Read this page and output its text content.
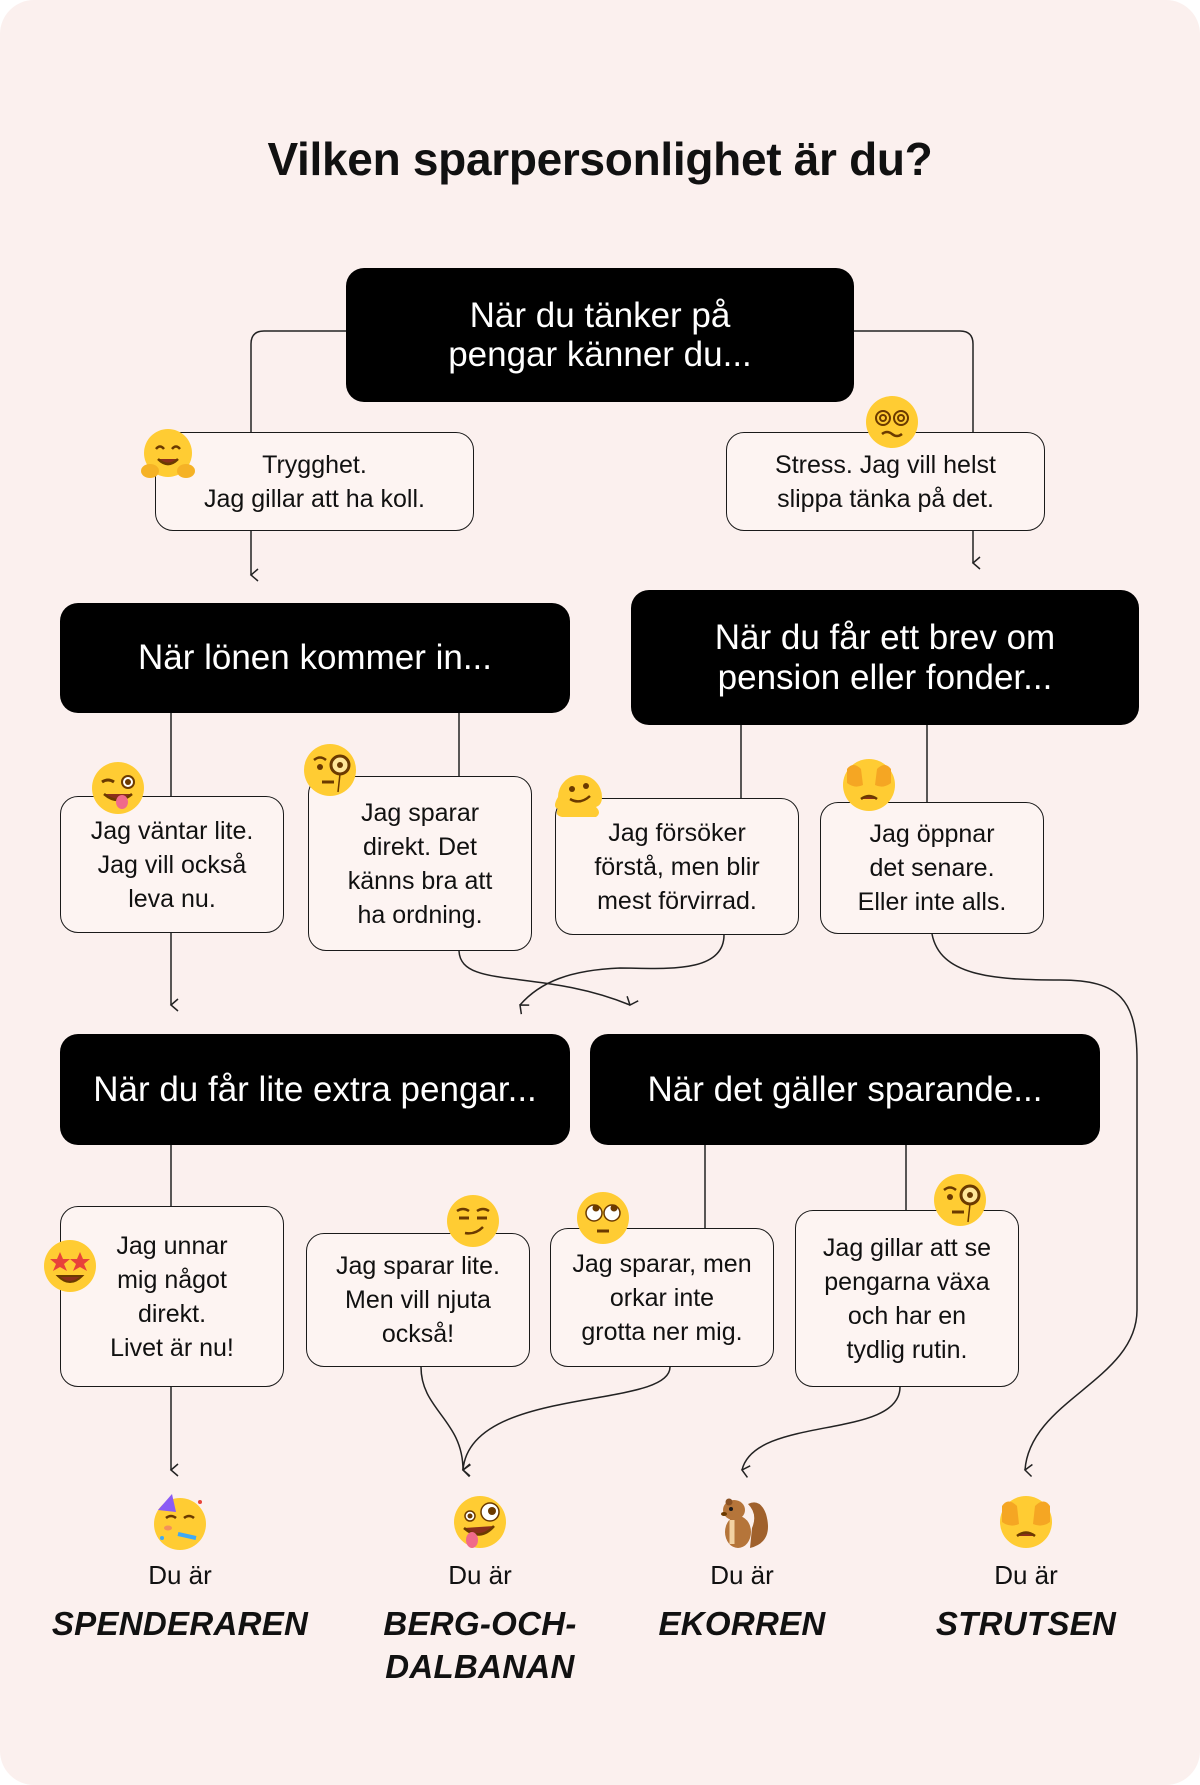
Vilken sparpersonlighet är du?
När du tänker på
pengar känner du...
När lönen kommer in...
När du får ett brev om
pension eller fonder...
När du får lite extra pengar...	När det gäller sparande...
Trygghet.
Jag gillar att ha koll.
Stress. Jag vill helst
slippa tänka på det.
Jag väntar lite.
Jag vill också
leva nu.
Jag sparar
direkt. Det
känns bra att
ha ordning.
Jag försöker
förstå, men blir
mest förvirrad.
Jag öppnar
det senare.
Eller inte alls.
Jag unnar
mig något
direkt.
Livet är nu!
Jag sparar lite.
Men vill njuta
också!
Jag sparar, men
orkar inte
grotta ner mig.
Jag gillar att se
pengarna växa
och har en
tydlig rutin.
Du är
SPENDERAREN
Du är
BERG-OCH-
DALBANAN
Du är
EKORREN
Du är
STRUTSEN
